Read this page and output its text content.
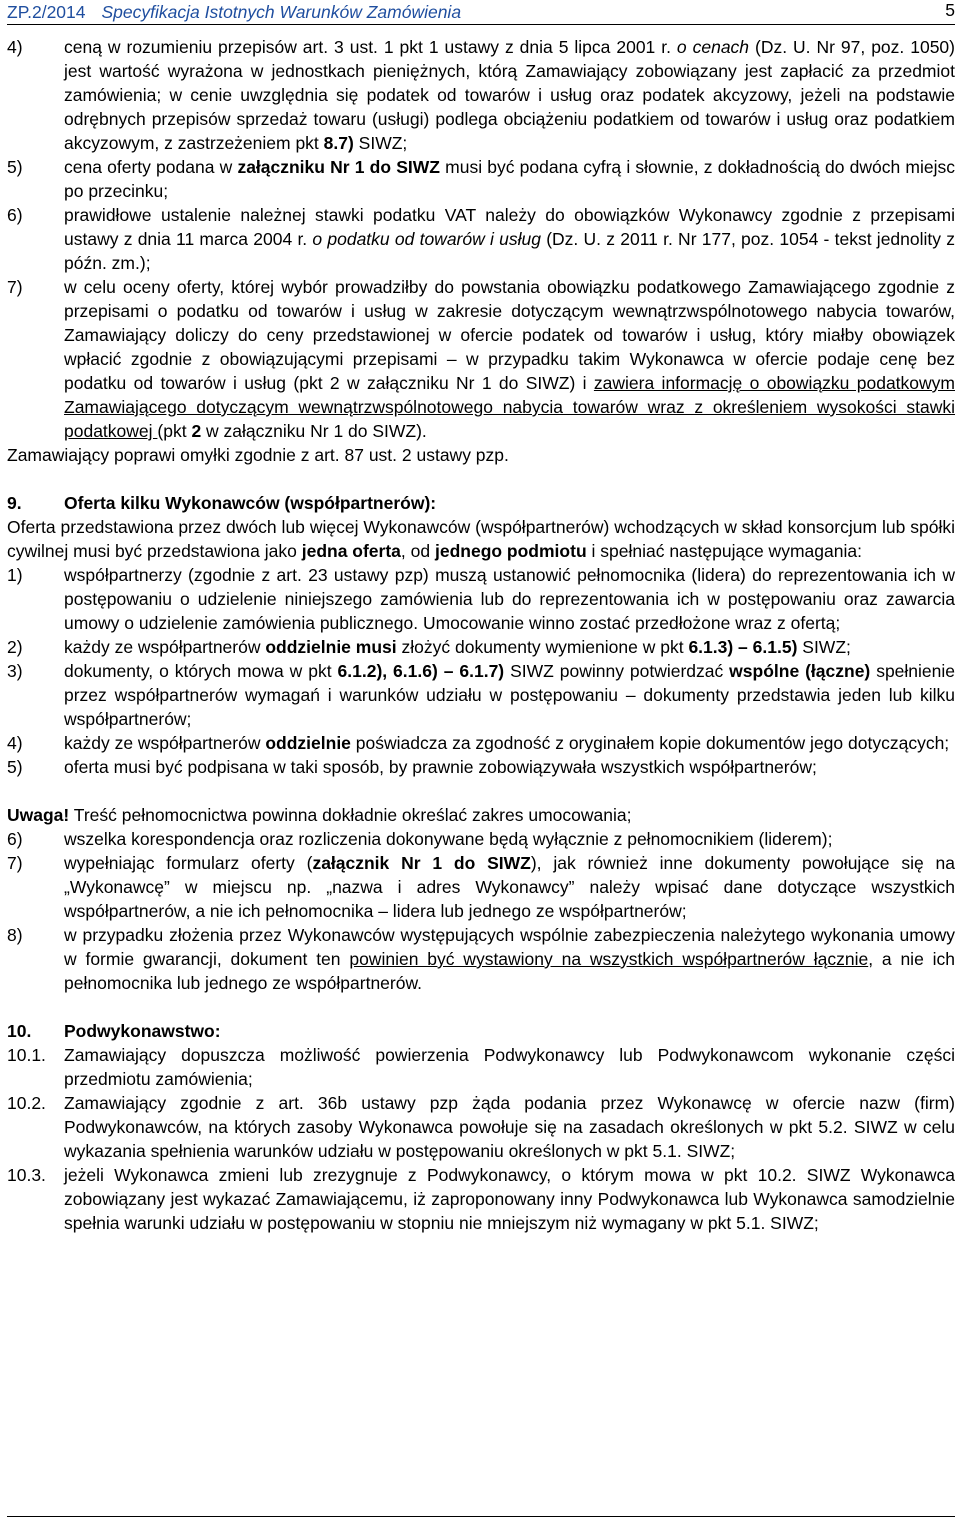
ZP.2/2014 Specyfikacja Istotnych Warunków Zamówienia	5
4)	ceną w rozumieniu przepisów art. 3 ust. 1 pkt 1 ustawy z dnia 5 lipca 2001 r. o cenach (Dz. U. Nr 97, poz. 1050) jest wartość wyrażona w jednostkach pieniężnych, którą Zamawiający zobowiązany jest zapłacić za przedmiot zamówienia; w cenie uwzględnia się podatek od towarów i usług oraz podatek akcyzowy, jeżeli na podstawie odrębnych przepisów sprzedaż towaru (usługi) podlega obciążeniu podatkiem od towarów i usług oraz podatkiem akcyzowym, z zastrzeżeniem pkt 8.7) SIWZ;
5)	cena oferty podana w załączniku Nr 1 do SIWZ musi być podana cyfrą i słownie, z dokładnością do dwóch miejsc po przecinku;
6)	prawidłowe ustalenie należnej stawki podatku VAT należy do obowiązków Wykonawcy zgodnie z przepisami ustawy z dnia 11 marca 2004 r. o podatku od towarów i usług (Dz. U. z 2011 r. Nr 177, poz. 1054 - tekst jednolity z późn. zm.);
7)	w celu oceny oferty, której wybór prowadziłby do powstania obowiązku podatkowego Zamawiającego zgodnie z przepisami o podatku od towarów i usług w zakresie dotyczącym wewnątrzwspólnotowego nabycia towarów, Zamawiający doliczy do ceny przedstawionej w ofercie podatek od towarów i usług, który miałby obowiązek wpłacić zgodnie z obowiązującymi przepisami – w przypadku takim Wykonawca w ofercie podaje cenę bez podatku od towarów i usług (pkt 2 w załączniku Nr 1 do SIWZ) i zawiera informację o obowiązku podatkowym Zamawiającego dotyczącym wewnątrzwspólnotowego nabycia towarów wraz z określeniem wysokości stawki podatkowej (pkt 2 w załączniku Nr 1 do SIWZ).
Zamawiający poprawi omyłki zgodnie z art. 87 ust. 2 ustawy pzp.
9.	Oferta kilku Wykonawców (współpartnerów):
Oferta przedstawiona przez dwóch lub więcej Wykonawców (współpartnerów) wchodzących w skład konsorcjum lub spółki cywilnej musi być przedstawiona jako jedna oferta, od jednego podmiotu i spełniać następujące wymagania:
1)	współpartnerzy (zgodnie z art. 23 ustawy pzp) muszą ustanowić pełnomocnika (lidera) do reprezentowania ich w postępowaniu o udzielenie niniejszego zamówienia lub do reprezentowania ich w postępowaniu oraz zawarcia umowy o udzielenie zamówienia publicznego. Umocowanie winno zostać przedłożone wraz z ofertą;
2)	każdy ze współpartnerów oddzielnie musi złożyć dokumenty wymienione w pkt 6.1.3) – 6.1.5) SIWZ;
3)	dokumenty, o których mowa w pkt 6.1.2), 6.1.6) – 6.1.7) SIWZ powinny potwierdzać wspólne (łączne) spełnienie przez współpartnerów wymagań i warunków udziału w postępowaniu – dokumenty przedstawia jeden lub kilku współpartnerów;
4)	każdy ze współpartnerów oddzielnie poświadcza za zgodność z oryginałem kopie dokumentów jego dotyczących;
5)	oferta musi być podpisana w taki sposób, by prawnie zobowiązywała wszystkich współpartnerów;
Uwaga! Treść pełnomocnictwa powinna dokładnie określać zakres umocowania;
6)	wszelka korespondencja oraz rozliczenia dokonywane będą wyłącznie z pełnomocnikiem (liderem);
7)	wypełniając formularz oferty (załącznik Nr 1 do SIWZ), jak również inne dokumenty powołujące się na „Wykonawcę” w miejscu np. „nazwa i adres Wykonawcy” należy wpisać dane dotyczące wszystkich współpartnerów, a nie ich pełnomocnika – lidera lub jednego ze współpartnerów;
8)	w przypadku złożenia przez Wykonawców występujących wspólnie zabezpieczenia należytego wykonania umowy w formie gwarancji, dokument ten powinien być wystawiony na wszystkich współpartnerów łącznie, a nie ich pełnomocnika lub jednego ze współpartnerów.
10.	Podwykonawstwo:
10.1.	Zamawiający dopuszcza możliwość powierzenia Podwykonawcy lub Podwykonawcom wykonanie części przedmiotu zamówienia;
10.2.	Zamawiający zgodnie z art. 36b ustawy pzp żąda podania przez Wykonawcę w ofercie nazw (firm) Podwykonawców, na których zasoby Wykonawca powołuje się na zasadach określonych w pkt 5.2. SIWZ w celu wykazania spełnienia warunków udziału w postępowaniu określonych w pkt 5.1. SIWZ;
10.3.	jeżeli Wykonawca zmieni lub zrezygnuje z Podwykonawcy, o którym mowa w pkt 10.2. SIWZ Wykonawca zobowiązany jest wykazać Zamawiającemu, iż zaproponowany inny Podwykonawca lub Wykonawca samodzielnie spełnia warunki udziału w postępowaniu w stopniu nie mniejszym niż wymagany w pkt 5.1. SIWZ;
